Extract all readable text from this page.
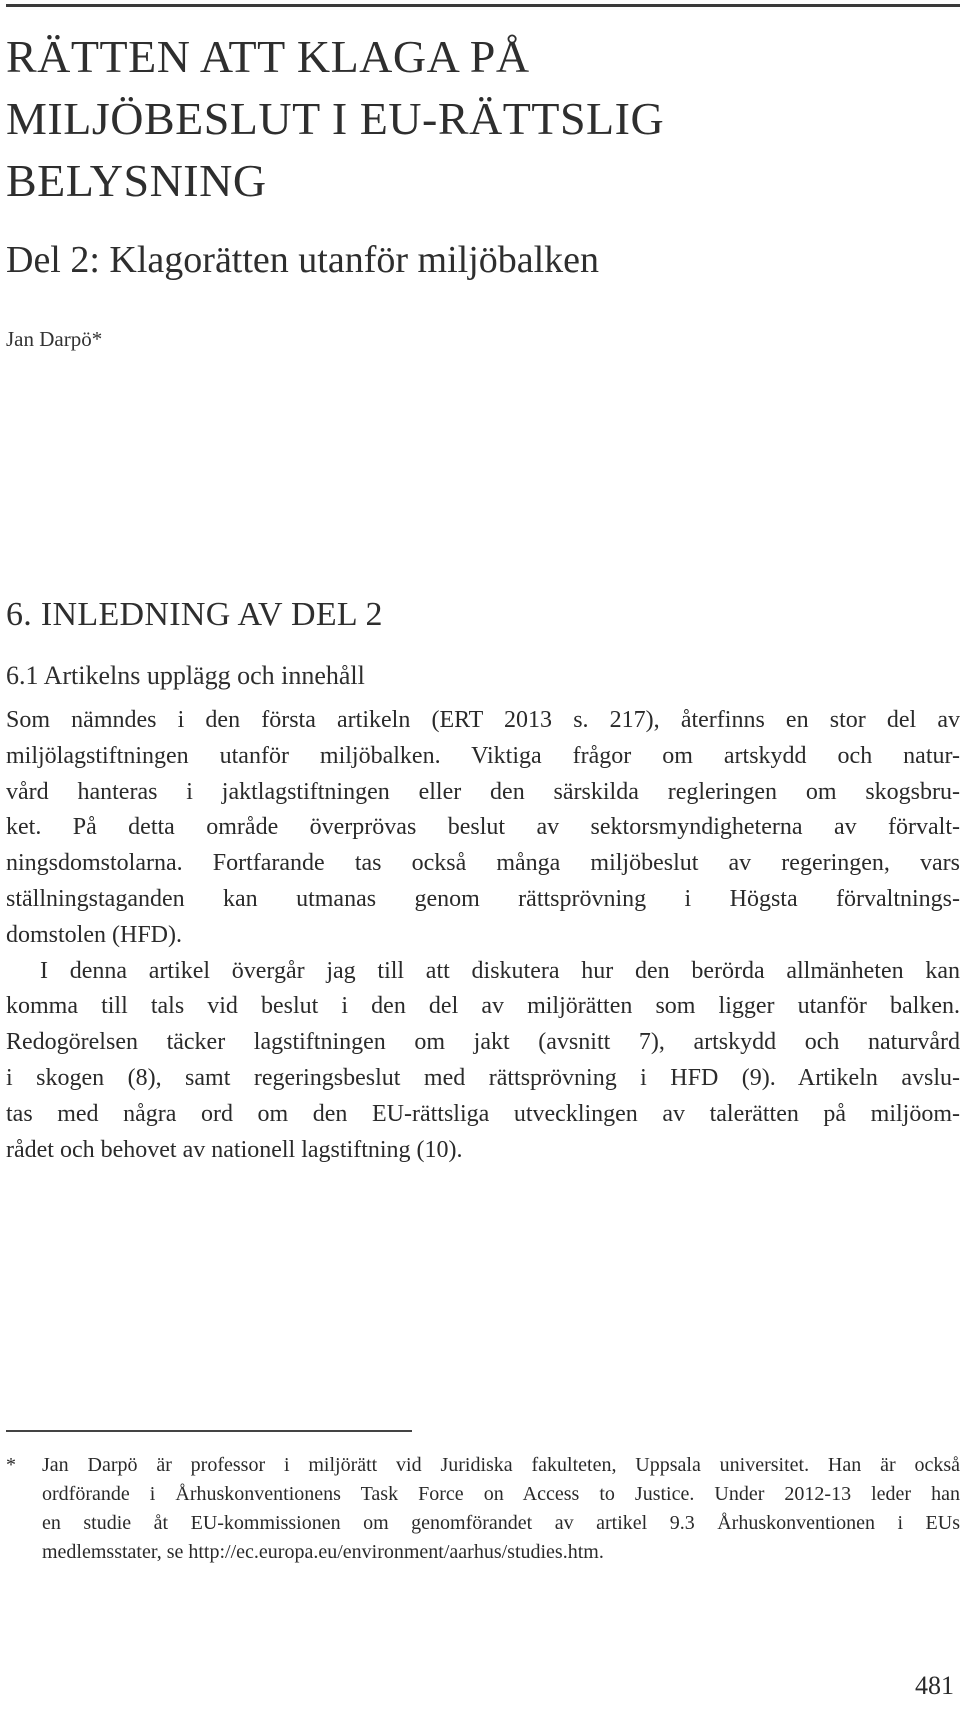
RÄTTEN ATT KLAGA PÅ
MILJÖBESLUT I EU-RÄTTSLIG
BELYSNING
Del 2: Klagorätten utanför miljöbalken
Jan Darpö*
6. INLEDNING AV DEL 2
6.1 Artikelns upplägg och innehåll
Som nämndes i den första artikeln (ERT 2013 s. 217), återfinns en stor del av
miljölagstiftningen utanför miljöbalken. Viktiga frågor om artskydd och natur-
vård hanteras i jaktlagstiftningen eller den särskilda regleringen om skogsbru-
ket. På detta område överprövas beslut av sektorsmyndigheterna av förvalt-
ningsdomstolarna. Fortfarande tas också många miljöbeslut av regeringen, vars
ställningstaganden kan utmanas genom rättsprövning i Högsta förvaltnings-
domstolen (HFD).
I denna artikel övergår jag till att diskutera hur den berörda allmänheten kan
komma till tals vid beslut i den del av miljörätten som ligger utanför balken.
Redogörelsen täcker lagstiftningen om jakt (avsnitt 7), artskydd och naturvård
i skogen (8), samt regeringsbeslut med rättsprövning i HFD (9). Artikeln avslu-
tas med några ord om den EU-rättsliga utvecklingen av talerätten på miljöom-
rådet och behovet av nationell lagstiftning (10).
* Jan Darpö är professor i miljörätt vid Juridiska fakulteten, Uppsala universitet. Han är också
ordförande i Århuskonventionens Task Force on Access to Justice. Under 2012-13 leder han
en studie åt EU-kommissionen om genomförandet av artikel 9.3 Århuskonventionen i EUs
medlemsstater, se http://ec.europa.eu/environment/aarhus/studies.htm.
481
